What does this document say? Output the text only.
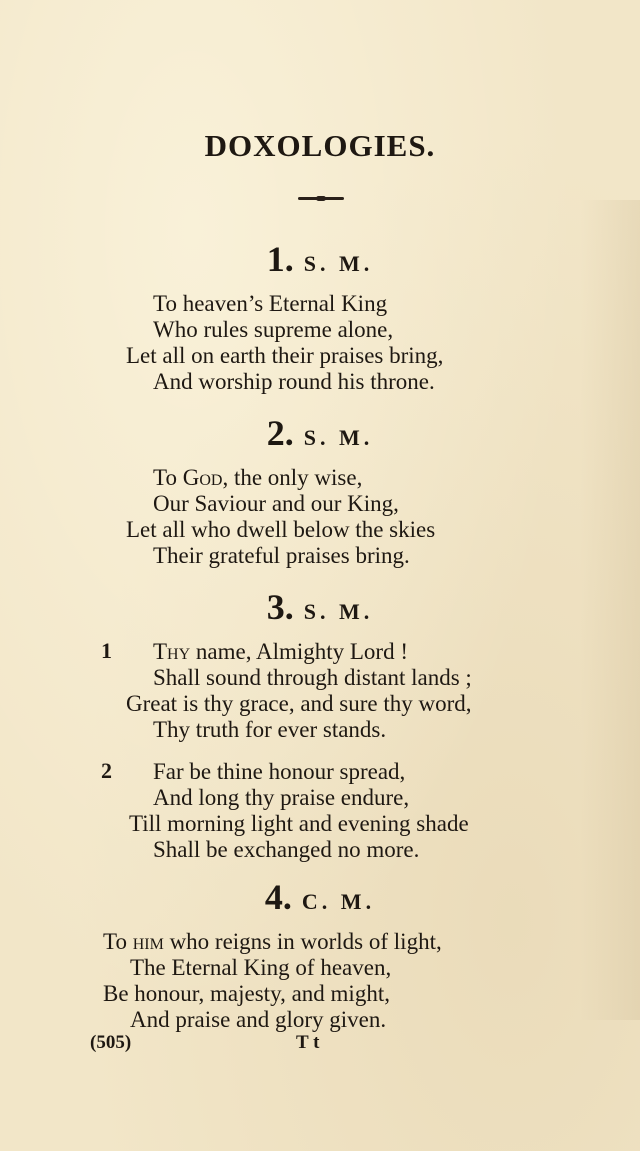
DOXOLOGIES.
1. S. M.
To heaven’s Eternal King
Who rules supreme alone,
Let all on earth their praises bring,
And worship round his throne.
2. S. M.
To God, the only wise,
Our Saviour and our King,
Let all who dwell below the skies
Their grateful praises bring.
3. S. M.
1 Thy name, Almighty Lord !
Shall sound through distant lands ;
Great is thy grace, and sure thy word,
Thy truth for ever stands.
2 Far be thine honour spread,
And long thy praise endure,
Till morning light and evening shade
Shall be exchanged no more.
4. C. M.
To him who reigns in worlds of light,
The Eternal King of heaven,
Be honour, majesty, and might,
And praise and glory given.
(505)	T t
